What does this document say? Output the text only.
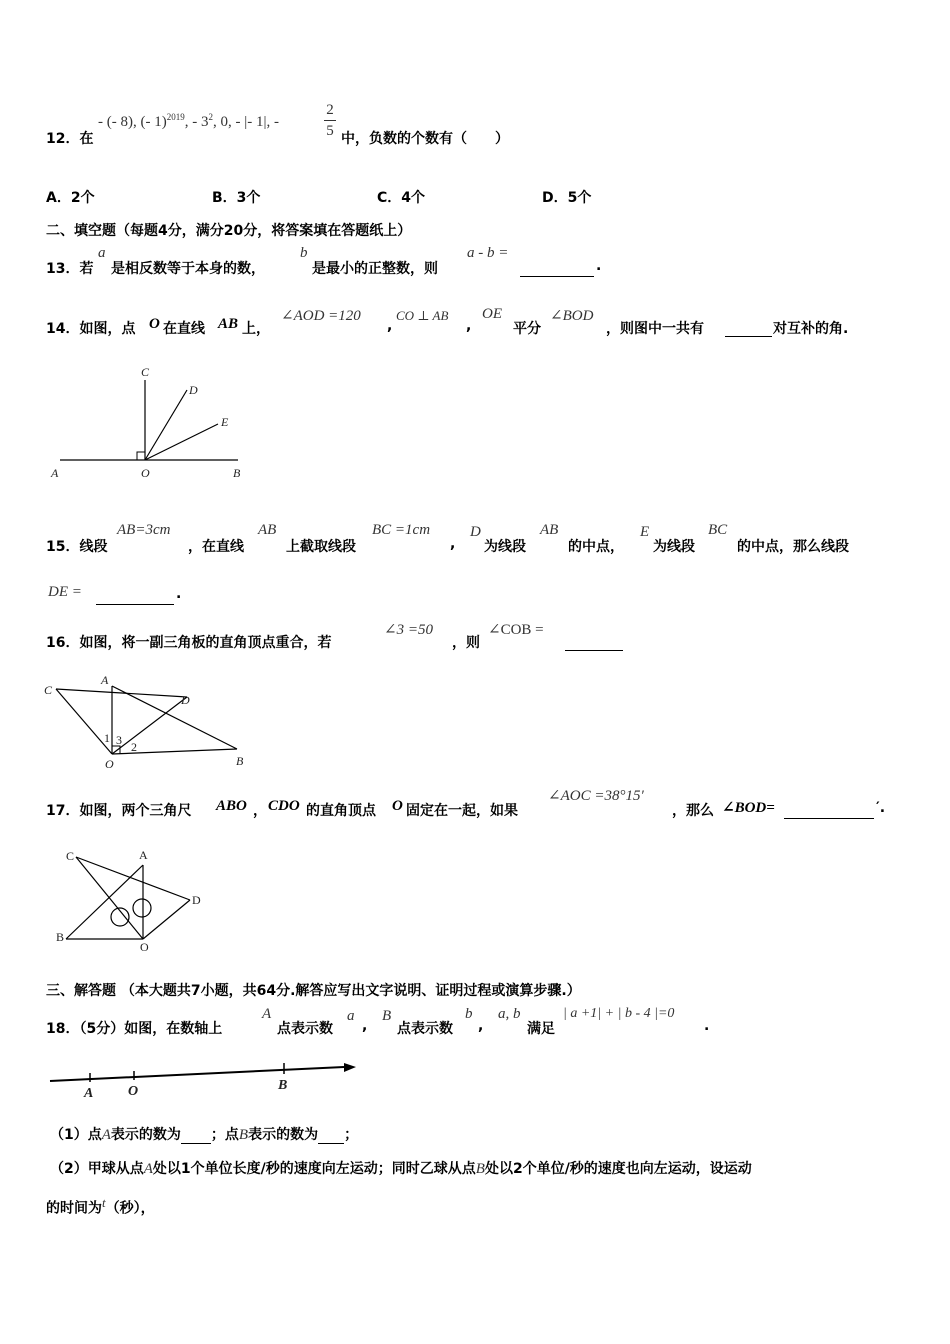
12．在
- (- 8), (- 1)$^{2019}$, - $3^2$, 0, - |- 1|, -	$\frac{2}{5}$ 中，负数的个数有（　　）
A．2个	B．3个	C．4个	D．5个
二、填空题（每题4分，满分20分，将答案填在答题纸上）
13．若
a
是相反数等于本身的数，
b
是最小的正整数，则
a - b =
.
14．如图，点 O 在直线 AB 上，
∠AOD =120
,
CO ⊥ AB
,
OE
平分
∠BOD
，则图中一共有	对互补的角.
C
D
E
A	O	B
15．线段
AB=3cm
，在直线
AB
上截取线段
BC =1cm
,
D
为线段
AB
的中点，
E
为线段
BC
的中点，那么线段
DE =	.
16．如图，将一副三角板的直角顶点重合，若
∠3 =50
，则
∠COB =
C
A
D
1 3 2
O	B
17．如图，两个三角尺 ABO ， CDO 的直角顶点 O 固定在一起，如果
∠AOC =38°15′
，那么 ∠BOD=	′.
C	A
D
B
O
三、解答题 （本大题共7小题，共64分.解答应写出文字说明、证明过程或演算步骤.）
18．（5分）如图，在数轴上
A
点表示数
a
,
B
点表示数
b
,
a, b
满足
| a +1| + | b - 4 |=0
.
A O	B
（1）点A表示的数为 ；点B表示的数为 ；
（2）甲球从点A处以1个单位长度/秒的速度向左运动；同时乙球从点B处以2个单位/秒的速度也向左运动，设运动
的时间为$^t$（秒），
